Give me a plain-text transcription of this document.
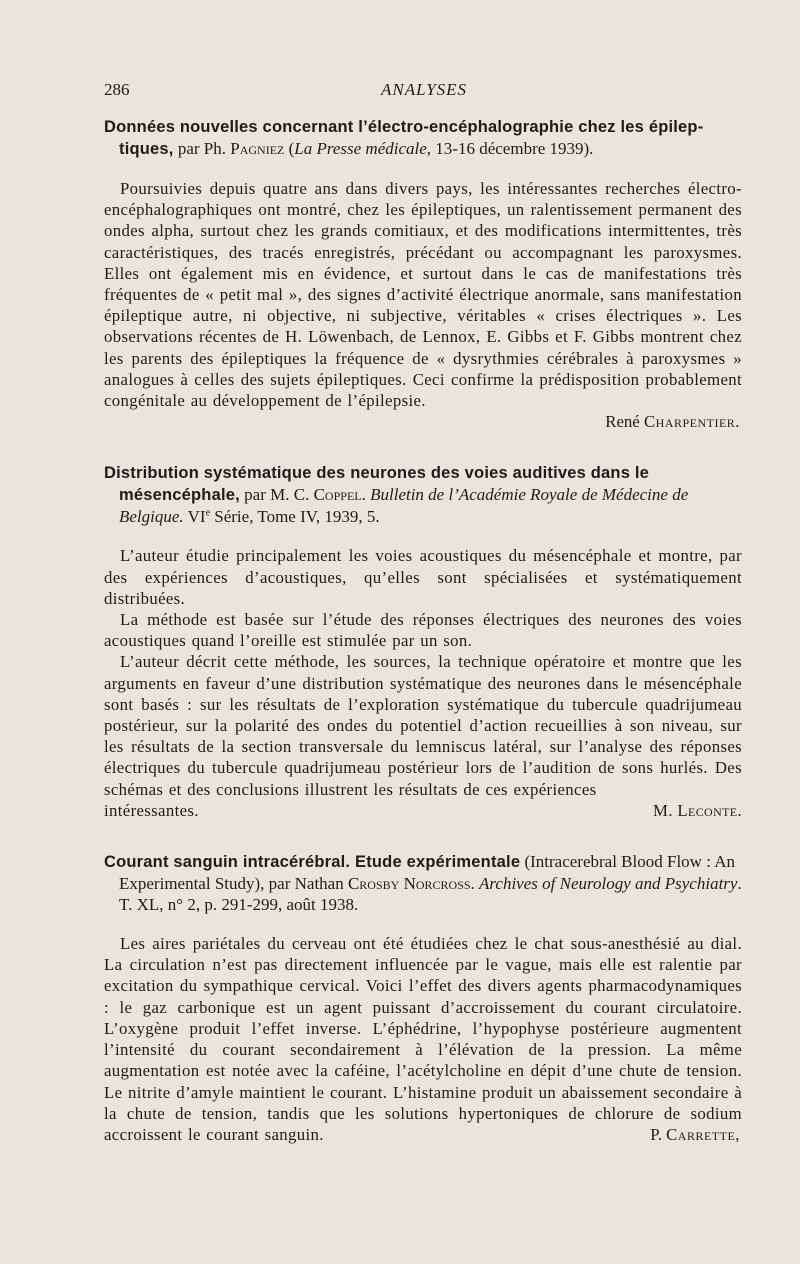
286	ANALYSES

Données nouvelles concernant l’électro-encéphalographie chez les épilep-tiques, par Ph. Pagniez (La Presse médicale, 13-16 décembre 1939).

Poursuivies depuis quatre ans dans divers pays, les intéressantes recherches électro-encéphalographiques ont montré, chez les épileptiques, un ralentissement permanent des ondes alpha, surtout chez les grands comitiaux, et des modifications intermittentes, très caractéristiques, des tracés enregistrés, précédant ou accompagnant les paroxysmes. Elles ont également mis en évidence, et surtout dans le cas de manifestations très fréquentes de « petit mal », des signes d’activité électrique anormale, sans manifestation épileptique autre, ni objective, ni subjective, véritables « crises électriques ». Les observations récentes de H. Löwenbach, de Lennox, E. Gibbs et F. Gibbs montrent chez les parents des épileptiques la fréquence de « dysrythmies cérébrales à paroxysmes » analogues à celles des sujets épileptiques. Ceci confirme la prédisposition probablement congénitale au développement de l’épilepsie.

René Charpentier.

Distribution systématique des neurones des voies auditives dans le mésencéphale, par M. C. Coppel. Bulletin de l’Académie Royale de Médecine de Belgique. VIe Série, Tome IV, 1939, 5.

L’auteur étudie principalement les voies acoustiques du mésencéphale et montre, par des expériences d’acoustiques, qu’elles sont spécialisées et systématiquement distribuées.

La méthode est basée sur l’étude des réponses électriques des neurones des voies acoustiques quand l’oreille est stimulée par un son.

L’auteur décrit cette méthode, les sources, la technique opératoire et montre que les arguments en faveur d’une distribution systématique des neurones dans le mésencéphale sont basés : sur les résultats de l’exploration systématique du tubercule quadrijumeau postérieur, sur la polarité des ondes du potentiel d’action recueillies à son niveau, sur les résultats de la section transversale du lemniscus latéral, sur l’analyse des réponses électriques du tubercule quadrijumeau postérieur lors de l’audition de sons hurlés. Des schémas et des conclusions illustrent les résultats de ces expériences

intéressantes.	M. Leconte.

Courant sanguin intracérébral. Etude expérimentale (Intracerebral Blood Flow : An Experimental Study), par Nathan Crosby Norcross. Archives of Neurology and Psychiatry. T. XL, n° 2, p. 291-299, août 1938.

Les aires pariétales du cerveau ont été étudiées chez le chat sous-anesthésié au dial. La circulation n’est pas directement influencée par le vague, mais elle est ralentie par excitation du sympathique cervical. Voici l’effet des divers agents pharmacodynamiques : le gaz carbonique est un agent puissant d’accroissement du courant circulatoire. L’oxygène produit l’effet inverse. L’éphédrine, l’hypophyse postérieure augmentent l’intensité du courant secondairement à l’élévation de la pression. La même augmentation est notée avec la caféine, l’acétylcholine en dépit d’une chute de tension. Le nitrite d’amyle maintient le courant. L’histamine produit un abaissement secondaire à la chute de tension, tandis que les solutions hypertoniques de chlorure de sodium accroissent le courant sanguin.	P. Carrette,
